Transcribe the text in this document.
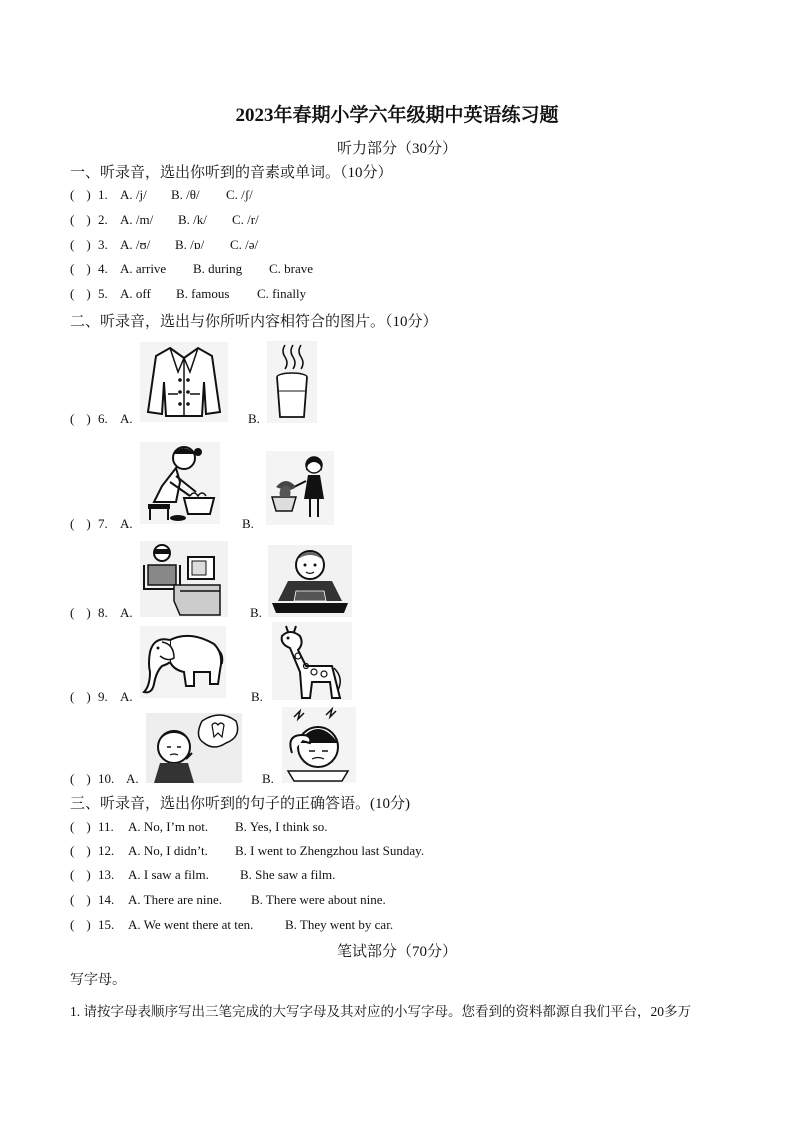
2023年春期小学六年级期中英语练习题
听力部分（30分）
一、听录音，选出你听到的音素或单词。（10分）
( )1. A. /j/ B. /θ/ C. /ʃ/
( )2. A. /m/ B. /k/ C. /r/
( )3. A. /ʊ/ B. /ɒ/ C. /ə/
( )4. A. arrive B. during C. brave
( )5. A. off B. famous C. finally
二、听录音，选出与你所听内容相符合的图片。（10分）
( )6. A.	B.
( )7. A.	B.
( )8. A.	B.
( )9. A.	B.
( )10. A.	B.
三、听录音，选出你听到的句子的正确答语。(10分)
( )11. A. No, I’m not. B. Yes, I think so.
( )12. A. No, I didn’t. B. I went to Zhengzhou last Sunday.
( )13. A. I saw a film. B. She saw a film.
( )14. A. There are nine. B. There were about nine.
( )15. A. We went there at ten. B. They went by car.
笔试部分（70分）
写字母。
1. 请按字母表顺序写出三笔完成的大写字母及其对应的小写字母。您看到的资料都源自我们平台，20多万
